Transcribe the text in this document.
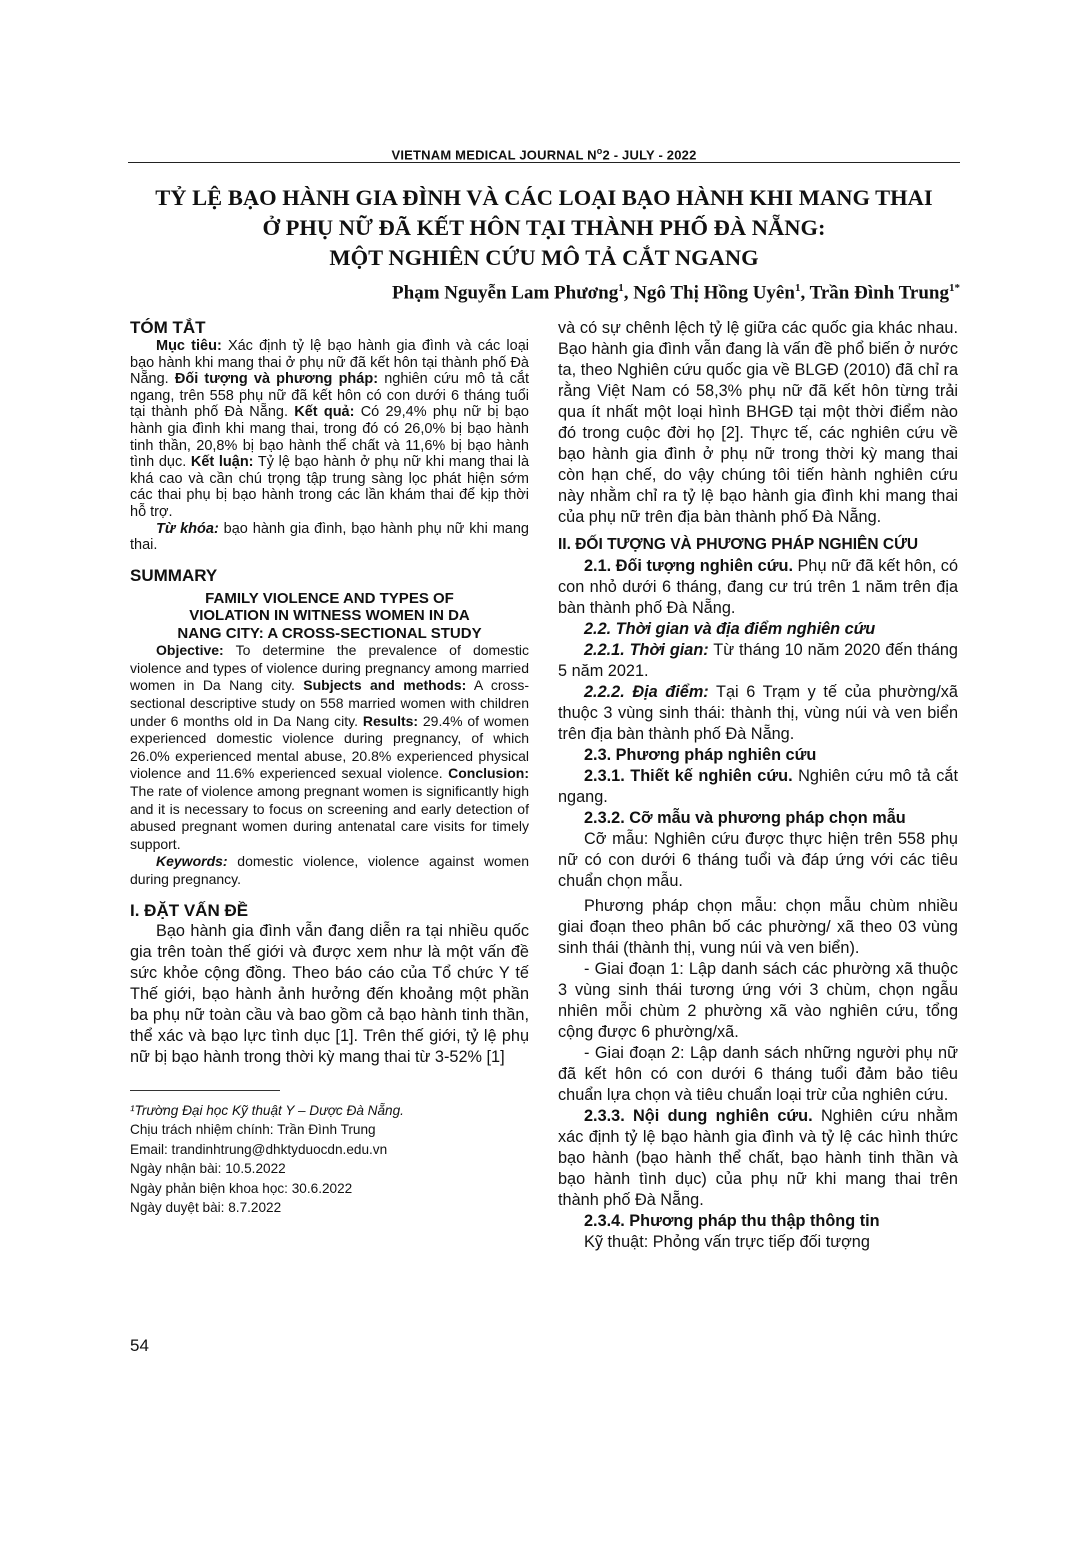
VIETNAM MEDICAL JOURNAL $N^o2$ - JULY - 2022
TỶ LỆ BẠO HÀNH GIA ĐÌNH VÀ CÁC LOẠI BẠO HÀNH KHI MANG THAI
Ở PHỤ NỮ ĐÃ KẾT HÔN TẠI THÀNH PHỐ ĐÀ NẴNG:
MỘT NGHIÊN CỨU MÔ TẢ CẮT NGANG
Phạm Nguyễn Lam Phương$^1$, Ngô Thị Hồng Uyên$^1$, Trần Đình Trung$^{1*}$
TÓM TẮT

Mục tiêu: Xác định tỷ lệ bạo hành gia đình và các loại bạo hành khi mang thai ở phụ nữ đã kết hôn tại thành phố Đà Nẵng. Đối tượng và phương pháp: nghiên cứu mô tả cắt ngang, trên 558 phụ nữ đã kết hôn có con dưới 6 tháng tuổi tại thành phố Đà Nẵng. Kết quả: Có 29,4% phụ nữ bị bạo hành gia đình khi mang thai, trong đó có 26,0% bị bạo hành tinh thần, 20,8% bị bạo hành thể chất và 11,6% bị bạo hành tình dục. Kết luận: Tỷ lệ bạo hành ở phụ nữ khi mang thai là khá cao và cần chú trọng tập trung sàng lọc phát hiện sớm các thai phụ bị bạo hành trong các lần khám thai để kịp thời hỗ trợ.

Từ khóa: bạo hành gia đình, bạo hành phụ nữ khi mang thai.

SUMMARY
FAMILY VIOLENCE AND TYPES OF
VIOLATION IN WITNESS WOMEN IN DA
NANG CITY: A CROSS-SECTIONAL STUDY

Objective: To determine the prevalence of domestic violence and types of violence during pregnancy among married women in Da Nang city. Subjects and methods: A cross-sectional descriptive study on 558 married women with children under 6 months old in Da Nang city. Results: 29.4% of women experienced domestic violence during pregnancy, of which 26.0% experienced mental abuse, 20.8% experienced physical violence and 11.6% experienced sexual violence. Conclusion: The rate of violence among pregnant women is significantly high and it is necessary to focus on screening and early detection of abused pregnant women during antenatal care visits for timely support.

Keywords: domestic violence, violence against women during pregnancy.

I. ĐẶT VẤN ĐỀ

Bạo hành gia đình vẫn đang diễn ra tại nhiều quốc gia trên toàn thế giới và được xem như là một vấn đề sức khỏe cộng đồng. Theo báo cáo của Tổ chức Y tế Thế giới, bạo hành ảnh hưởng đến khoảng một phần ba phụ nữ toàn cầu và bao gồm cả bạo hành tinh thần, thể xác và bạo lực tình dục [1]. Trên thế giới, tỷ lệ phụ nữ bị bạo hành trong thời kỳ mang thai từ 3-52% [1]

¹Trường Đại học Kỹ thuật Y – Dược Đà Nẵng.

Chịu trách nhiệm chính: Trần Đình Trung

Email: trandinhtrung@dhktyduocdn.edu.vn

Ngày nhận bài: 10.5.2022

Ngày phản biện khoa học: 30.6.2022

Ngày duyệt bài: 8.7.2022

54

và có sự chênh lệch tỷ lệ giữa các quốc gia khác nhau. Bạo hành gia đình vẫn đang là vấn đề phổ biến ở nước ta, theo Nghiên cứu quốc gia về BLGĐ (2010) đã chỉ ra rằng Việt Nam có 58,3% phụ nữ đã kết hôn từng trải qua ít nhất một loại hình BHGĐ tại một thời điểm nào đó trong cuộc đời họ [2]. Thực tế, các nghiên cứu về bạo hành gia đình ở phụ nữ trong thời kỳ mang thai còn hạn chế, do vậy chúng tôi tiến hành nghiên cứu này nhằm chỉ ra tỷ lệ bạo hành gia đình khi mang thai của phụ nữ trên địa bàn thành phố Đà Nẵng.

II. ĐỐI TƯỢNG VÀ PHƯƠNG PHÁP NGHIÊN CỨU

2.1. Đối tượng nghiên cứu. Phụ nữ đã kết hôn, có con nhỏ dưới 6 tháng, đang cư trú trên 1 năm trên địa bàn thành phố Đà Nẵng.

2.2. Thời gian và địa điểm nghiên cứu

2.2.1. Thời gian: Từ tháng 10 năm 2020 đến tháng 5 năm 2021.

2.2.2. Địa điểm: Tại 6 Trạm y tế của phường/xã thuộc 3 vùng sinh thái: thành thị, vùng núi và ven biển trên địa bàn thành phố Đà Nẵng.

2.3. Phương pháp nghiên cứu

2.3.1. Thiết kế nghiên cứu. Nghiên cứu mô tả cắt ngang.

2.3.2. Cỡ mẫu và phương pháp chọn mẫu

Cỡ mẫu: Nghiên cứu được thực hiện trên 558 phụ nữ có con dưới 6 tháng tuổi và đáp ứng với các tiêu chuẩn chọn mẫu.

Phương pháp chọn mẫu: chọn mẫu chùm nhiều giai đoạn theo phân bố các phường/ xã theo 03 vùng sinh thái (thành thị, vung núi và ven biển).

- Giai đoạn 1: Lập danh sách các phường xã thuộc 3 vùng sinh thái tương ứng với 3 chùm, chọn ngẫu nhiên mỗi chùm 2 phường xã vào nghiên cứu, tổng cộng được 6 phường/xã.

- Giai đoạn 2: Lập danh sách những người phụ nữ đã kết hôn có con dưới 6 tháng tuổi đảm bảo tiêu chuẩn lựa chọn và tiêu chuẩn loại trừ của nghiên cứu.

2.3.3. Nội dung nghiên cứu. Nghiên cứu nhằm xác định tỷ lệ bạo hành gia đình và tỷ lệ các hình thức bạo hành (bạo hành thể chất, bạo hành tinh thần và bạo hành tình dục) của phụ nữ khi mang thai trên thành phố Đà Nẵng.

2.3.4. Phương pháp thu thập thông tin

Kỹ thuật: Phỏng vấn trực tiếp đối tượng
